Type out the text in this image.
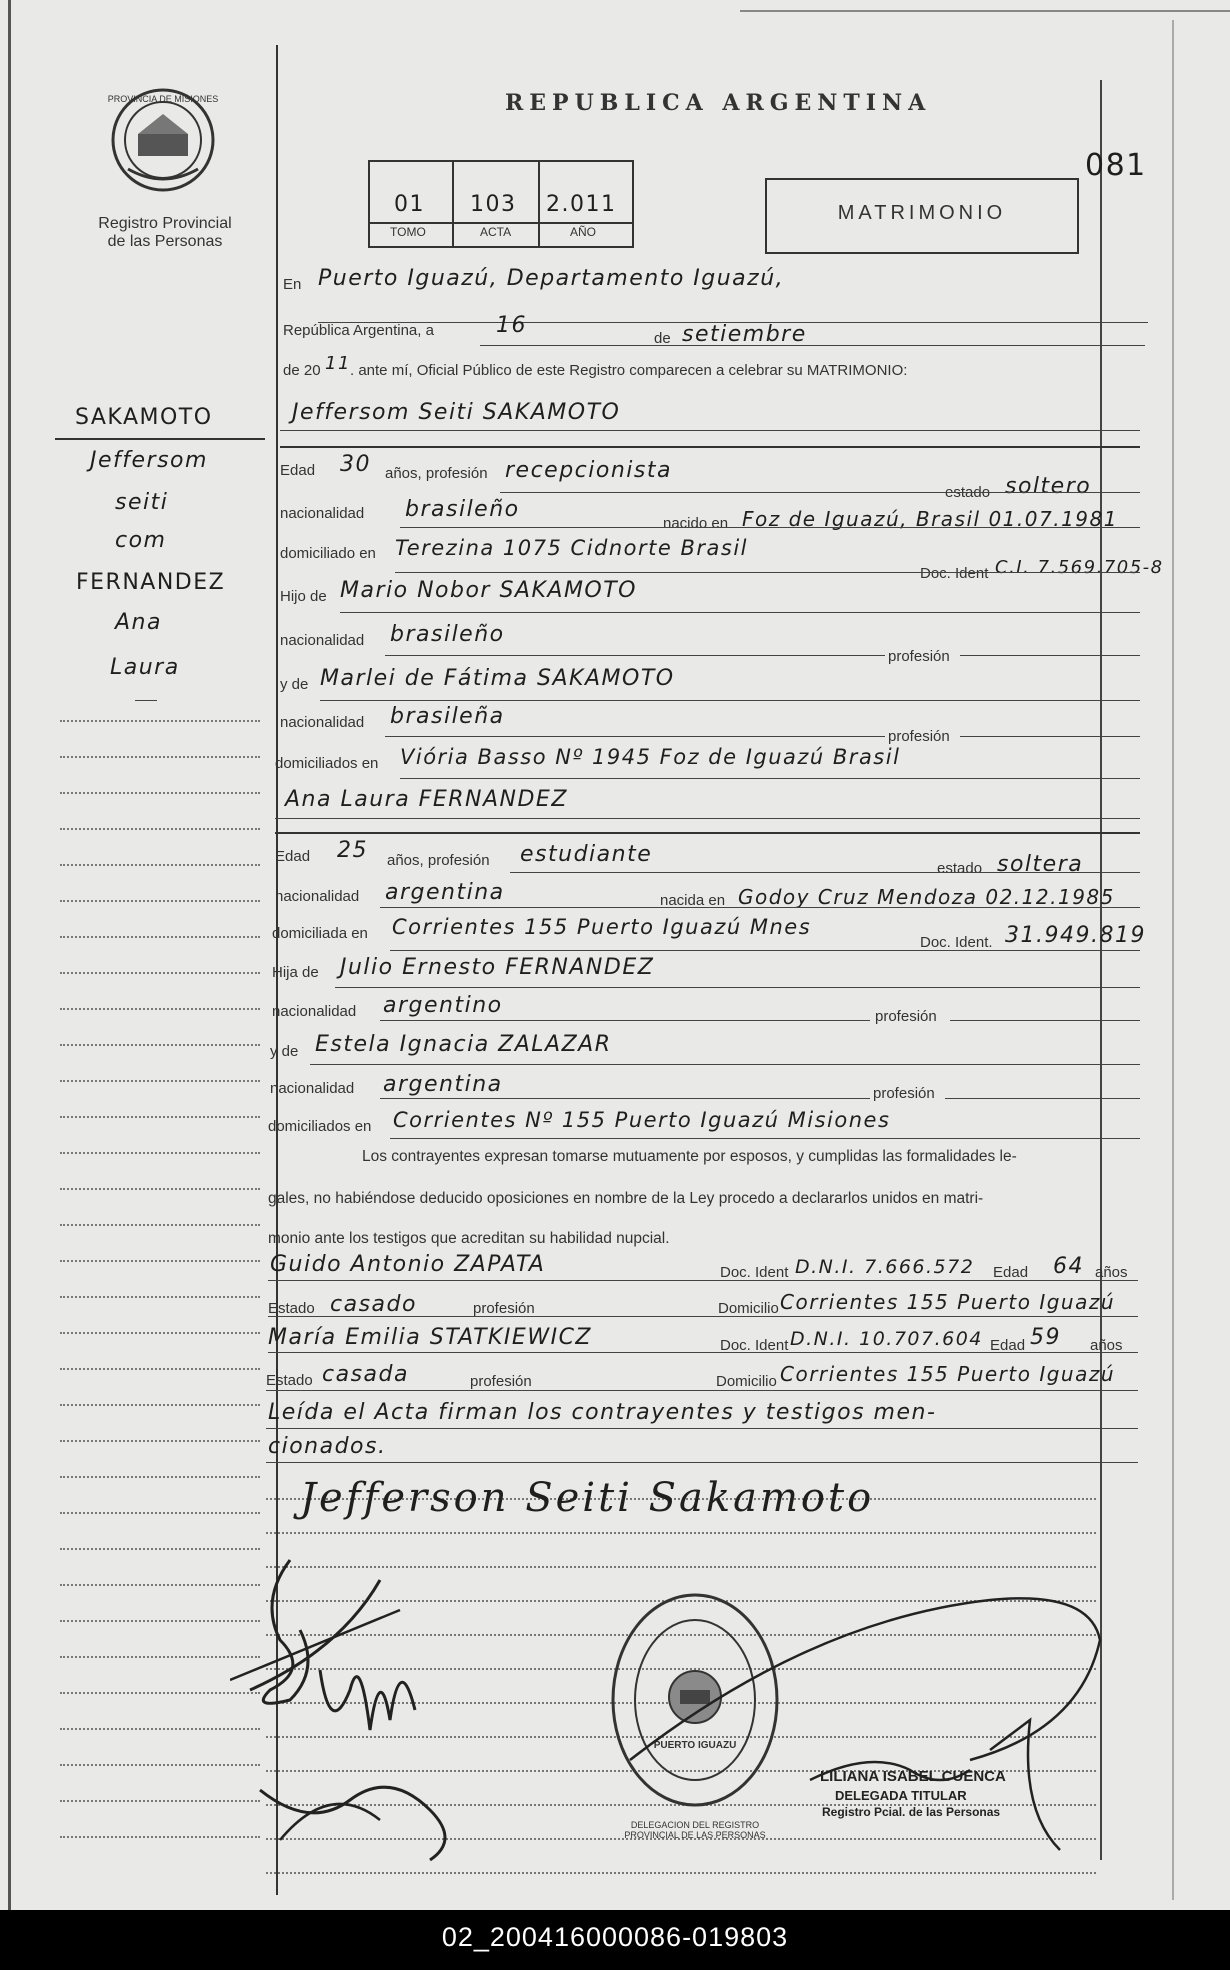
PROVINCIA DE MISIONES
Registro Provincial
de las Personas
REPUBLICA ARGENTINA
081
01 103 2.011
TOMO	ACTA	AÑO
MATRIMONIO
SAKAMOTO
Jeffersom
seiti
com
FERNANDEZ
Ana
Laura
En Puerto Iguazú, Departamento Iguazú,
República Argentina, a	16
de setiembre
de 20 11 . ante mí, Oficial Público de este Registro comparecen a celebrar su MATRIMONIO:
Jeffersom Seiti SAKAMOTO
Edad 30 años, profesión recepcionista
estado soltero
nacionalidad brasileño
nacido en Foz de Iguazú, Brasil 01.07.1981
domiciliado en Terezina 1075 Cidnorte Brasil
Doc. Ident C.I. 7.569.705-8
Hijo de Mario Nobor SAKAMOTO
nacionalidad brasileño
profesión
y de Marlei de Fátima SAKAMOTO
nacionalidad brasileña
profesión
domiciliados en Viória Basso Nº 1945 Foz de Iguazú Brasil
Ana Laura FERNANDEZ
Edad 25 años, profesión estudiante
estado soltera
nacionalidad argentina	nacida en Godoy Cruz Mendoza 02.12.1985
domiciliada en Corrientes 155 Puerto Iguazú Mnes
Doc. Ident. 31.949.819
Hija de Julio Ernesto FERNANDEZ
nacionalidad argentino	profesión
y de Estela Ignacia ZALAZAR
nacionalidad argentina	profesión
domiciliados en Corrientes Nº 155 Puerto Iguazú Misiones
Los contrayentes expresan tomarse mutuamente por esposos, y cumplidas las formalidades le-
gales, no habiéndose deducido oposiciones en nombre de la Ley procedo a declararlos unidos en matri-
monio ante los testigos que acreditan su habilidad nupcial.
Guido Antonio ZAPATA	Doc. Ident D.N.I. 7.666.572 Edad 64 años
Estado casado	profesión	Domicilio Corrientes 155 Puerto Iguazú
María Emilia STATKIEWICZ	Doc. Ident D.N.I. 10.707.604 Edad 59 años
Estado casada	profesión	Domicilio Corrientes 155 Puerto Iguazú
Leída el Acta firman los contrayentes y testigos men-
cionados.
Jefferson Seiti Sakamoto
DELEGACION DEL REGISTRO PROVINCIAL DE LAS PERSONAS
PUERTO IGUAZU
LILIANA ISABEL CUENCA
DELEGADA TITULAR
Registro Pcial. de las Personas
02_200416000086-019803
